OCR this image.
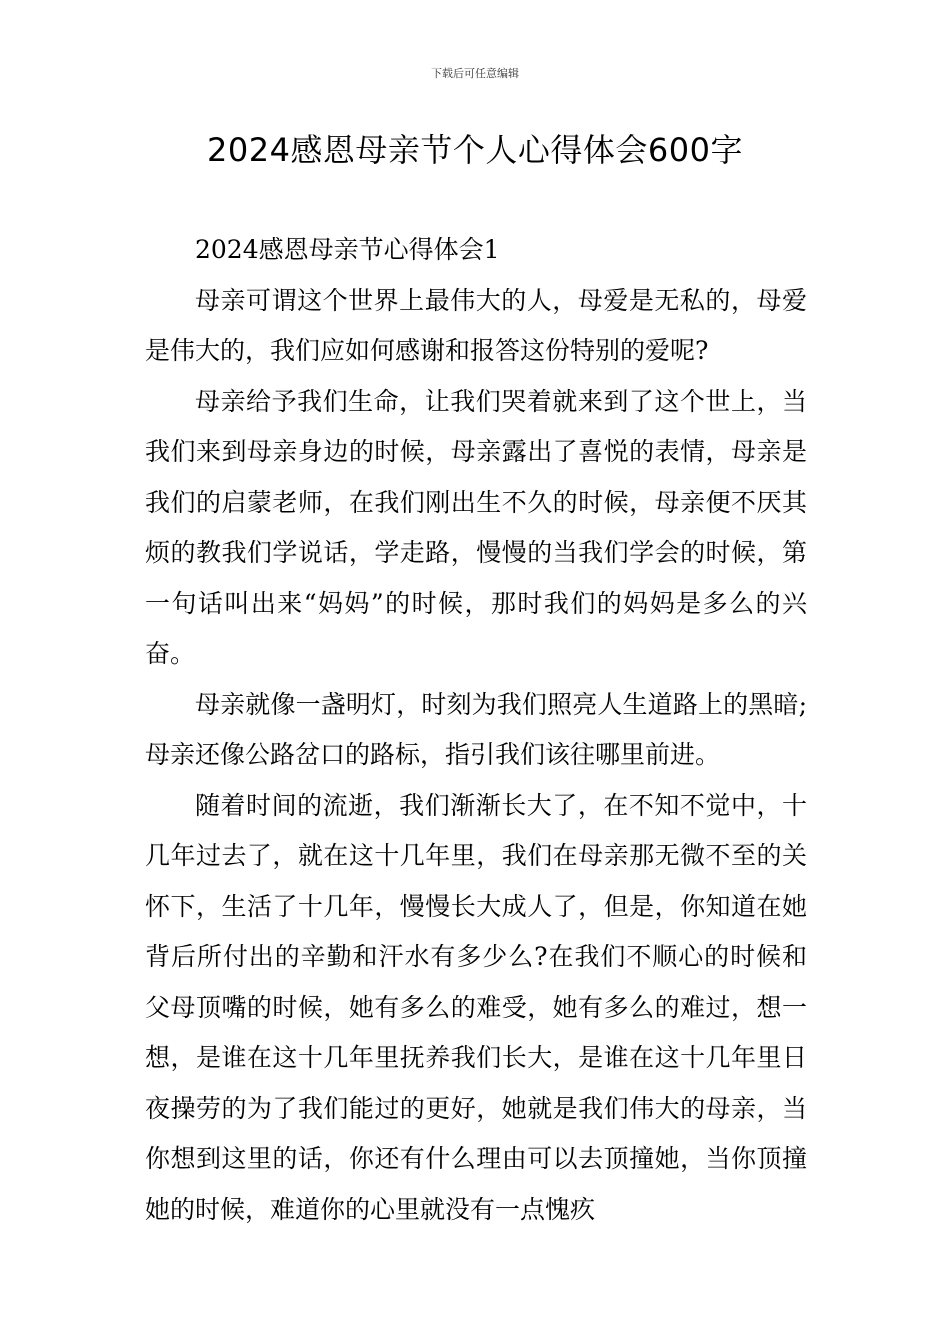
下载后可任意编辑
2024感恩母亲节个人心得体会600字

2024感恩母亲节心得体会1

母亲可谓这个世界上最伟大的人，母爱是无私的，母爱是伟大的，我们应如何感谢和报答这份特别的爱呢?

母亲给予我们生命，让我们哭着就来到了这个世上，当我们来到母亲身边的时候，母亲露出了喜悦的表情，母亲是我们的启蒙老师，在我们刚出生不久的时候，母亲便不厌其烦的教我们学说话，学走路，慢慢的当我们学会的时候，第一句话叫出来“妈妈”的时候，那时我们的妈妈是多么的兴奋。

母亲就像一盏明灯，时刻为我们照亮人生道路上的黑暗;母亲还像公路岔口的路标，指引我们该往哪里前进。

随着时间的流逝，我们渐渐长大了，在不知不觉中，十几年过去了，就在这十几年里，我们在母亲那无微不至的关怀下，生活了十几年，慢慢长大成人了，但是，你知道在她背后所付出的辛勤和汗水有多少么?在我们不顺心的时候和父母顶嘴的时候，她有多么的难受，她有多么的难过，想一想，是谁在这十几年里抚养我们长大，是谁在这十几年里日夜操劳的为了我们能过的更好，她就是我们伟大的母亲，当你想到这里的话，你还有什么理由可以去顶撞她，当你顶撞她的时候，难道你的心里就没有一点愧疚
